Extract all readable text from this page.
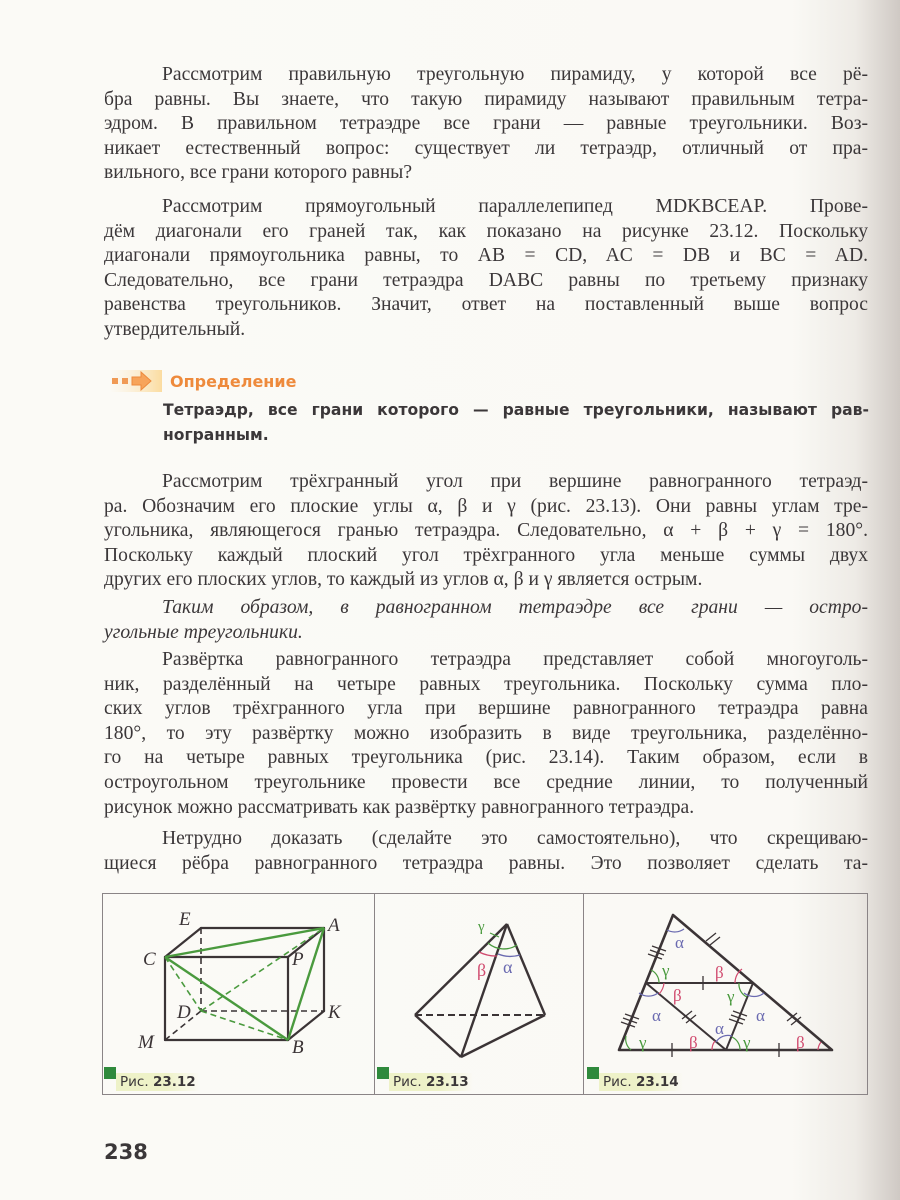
Рассмотрим правильную треугольную пирамиду, у которой все рё-
бра равны. Вы знаете, что такую пирамиду называют правильным тетра-
эдром. В правильном тетраэдре все грани — равные треугольники. Воз-
никает естественный вопрос: существует ли тетраэдр, отличный от пра-
вильного, все грани которого равны?
Рассмотрим прямоугольный параллелепипед MDKBCEAP. Прове-
дём диагонали его граней так, как показано на рисунке 23.12. Поскольку
диагонали прямоугольника равны, то AB = CD, AC = DB и BC = AD.
Следовательно, все грани тетраэдра DABC равны по третьему признаку
равенства треугольников. Значит, ответ на поставленный выше вопрос
утвердительный.
Определение
Тетраэдр, все грани которого — равные треугольники, называют рав-
ногранным.
Рассмотрим трёхгранный угол при вершине равногранного тетраэд-
ра. Обозначим его плоские углы α, β и γ (рис. 23.13). Они равны углам тре-
угольника, являющегося гранью тетраэдра. Следовательно, α + β + γ = 180°.
Поскольку каждый плоский угол трёхгранного угла меньше суммы двух
других его плоских углов, то каждый из углов α, β и γ является острым.
Таким образом, в равногранном тетраэдре все грани — остро-
угольные треугольники.
Развёртка равногранного тетраэдра представляет собой многоуголь-
ник, разделённый на четыре равных треугольника. Поскольку сумма пло-
ских углов трёхгранного угла при вершине равногранного тетраэдра равна
180°, то эту развёртку можно изобразить в виде треугольника, разделённо-
го на четыре равных треугольника (рис. 23.14). Таким образом, если в
остроугольном треугольнике провести все средние линии, то полученный
рисунок можно рассматривать как развёртку равногранного тетраэдра.
Нетрудно доказать (сделайте это самостоятельно), что скрещиваю-
щиеся рёбра равногранного тетраэдра равны. Это позволяет сделать та-
E	A
C	P
D	K
M	B
Рис. 23.12
γ
β α
Рис. 23.13
α
γ	β
β	γ
α	α
α
γ β	γ	β
Рис. 23.14
238
